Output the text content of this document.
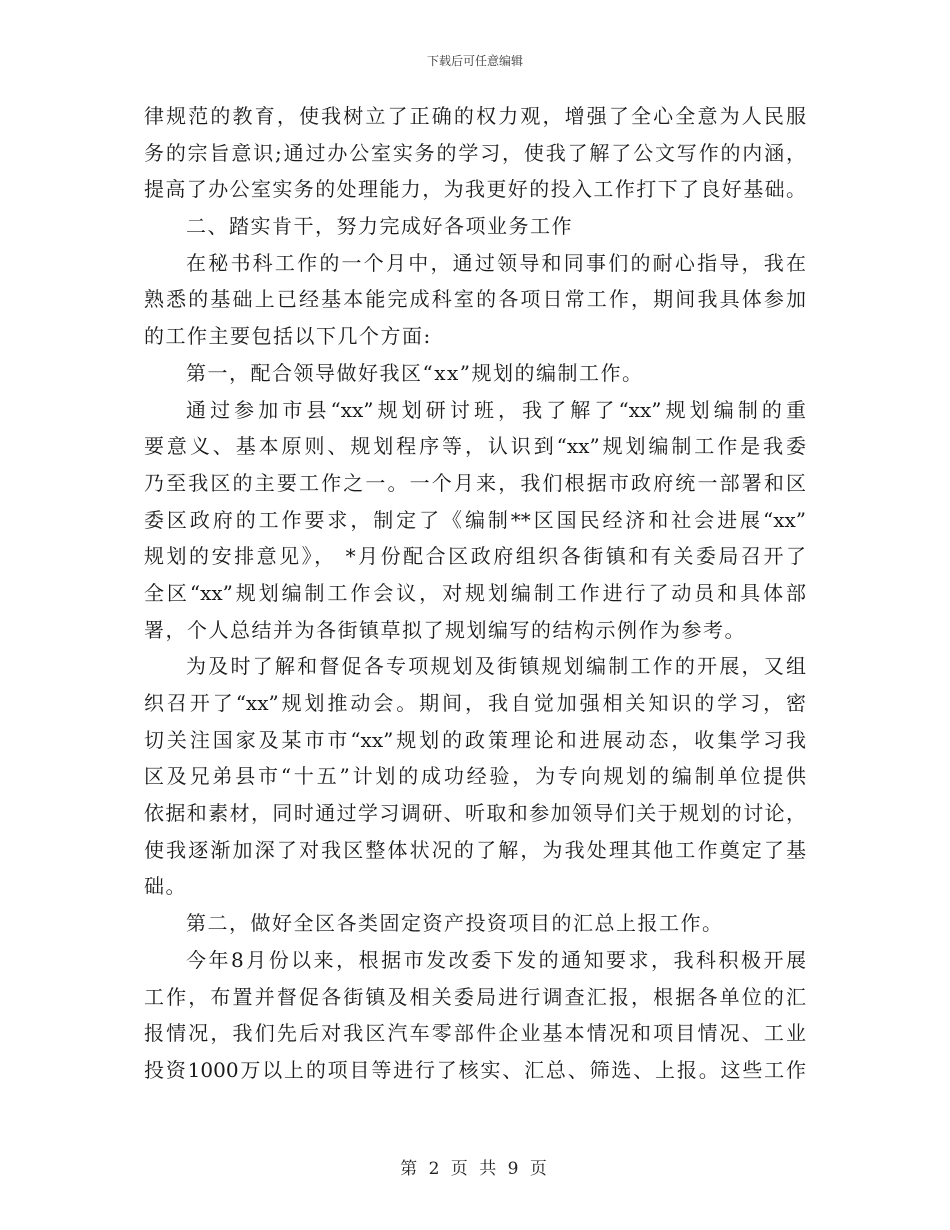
下载后可任意编辑
律规范的教育，使我树立了正确的权力观，增强了全心全意为人民服
务的宗旨意识;通过办公室实务的学习，使我了解了公文写作的内涵，
提高了办公室实务的处理能力，为我更好的投入工作打下了良好基础。
二、踏实肯干，努力完成好各项业务工作
在秘书科工作的一个月中，通过领导和同事们的耐心指导，我在
熟悉的基础上已经基本能完成科室的各项日常工作，期间我具体参加
的工作主要包括以下几个方面:
第一，配合领导做好我区“xx”规划的编制工作。
通过参加市县“xx”规划研讨班，我了解了“xx”规划编制的重
要意义、基本原则、规划程序等，认识到“xx”规划编制工作是我委
乃至我区的主要工作之一。一个月来，我们根据市政府统一部署和区
委区政府的工作要求，制定了《编制**区国民经济和社会进展“xx”
规划的安排意见》， *月份配合区政府组织各街镇和有关委局召开了
全区“xx”规划编制工作会议，对规划编制工作进行了动员和具体部
署，个人总结并为各街镇草拟了规划编写的结构示例作为参考。
为及时了解和督促各专项规划及街镇规划编制工作的开展，又组
织召开了“xx”规划推动会。期间，我自觉加强相关知识的学习，密
切关注国家及某市市“xx”规划的政策理论和进展动态，收集学习我
区及兄弟县市“十五”计划的成功经验，为专向规划的编制单位提供
依据和素材，同时通过学习调研、听取和参加领导们关于规划的讨论，
使我逐渐加深了对我区整体状况的了解，为我处理其他工作奠定了基
础。
第二，做好全区各类固定资产投资项目的汇总上报工作。
今年8月份以来，根据市发改委下发的通知要求，我科积极开展
工作，布置并督促各街镇及相关委局进行调查汇报，根据各单位的汇
报情况，我们先后对我区汽车零部件企业基本情况和项目情况、工业
投资1000万以上的项目等进行了核实、汇总、筛选、上报。这些工作
第 2 页 共 9 页
